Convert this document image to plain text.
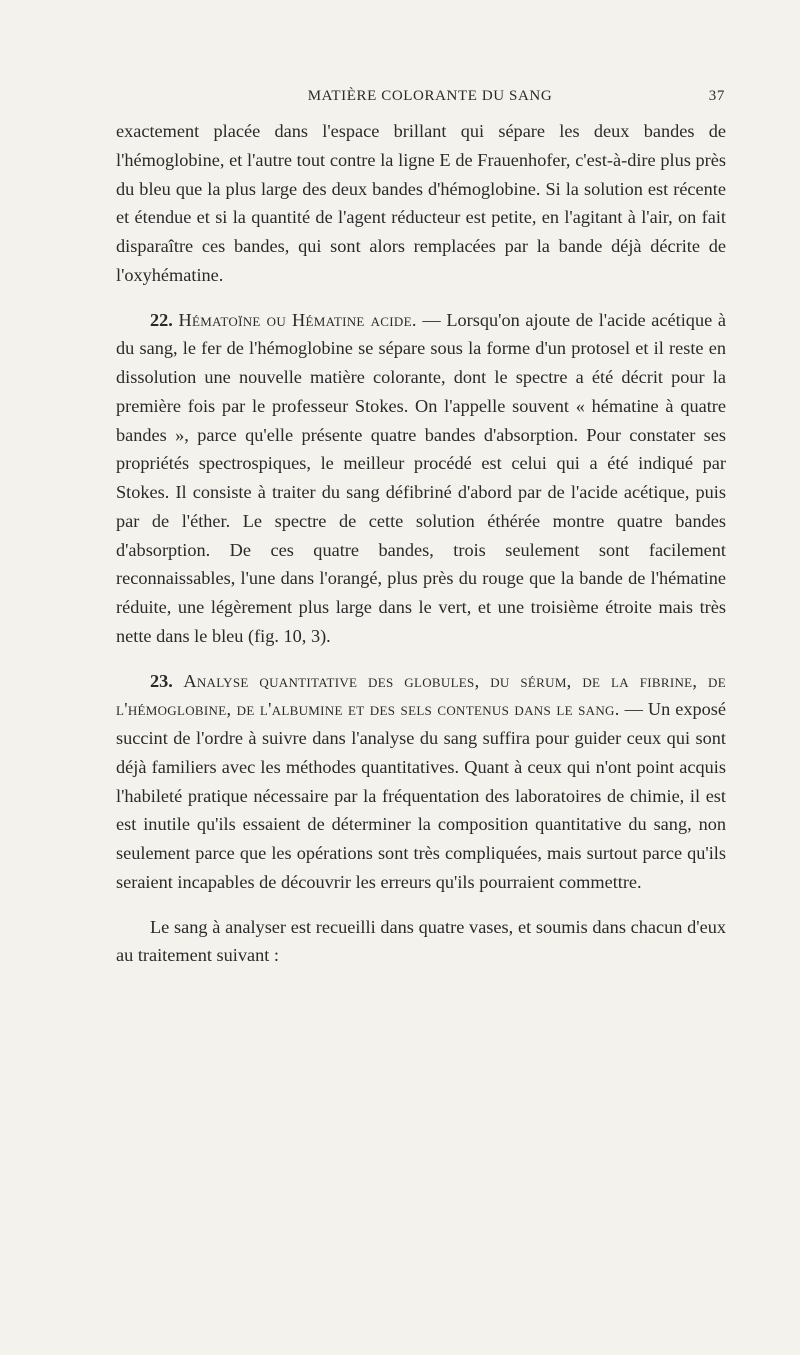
MATIÈRE COLORANTE DU SANG	37

exactement placée dans l'espace brillant qui sépare les deux bandes de l'hémoglobine, et l'autre tout contre la ligne E de Frauenhofer, c'est-à-dire plus près du bleu que la plus large des deux bandes d'hémoglobine. Si la solution est récente et étendue et si la quantité de l'agent réducteur est petite, en l'agitant à l'air, on fait disparaître ces bandes, qui sont alors remplacées par la bande déjà décrite de l'oxyhématine.

22. Hématoïne ou Hématine acide. — Lorsqu'on ajoute de l'acide acétique à du sang, le fer de l'hémoglobine se sépare sous la forme d'un protosel et il reste en dissolution une nouvelle matière colorante, dont le spectre a été décrit pour la première fois par le professeur Stokes. On l'appelle souvent « hématine à quatre bandes », parce qu'elle présente quatre bandes d'absorption. Pour constater ses propriétés spectrospiques, le meilleur procédé est celui qui a été indiqué par Stokes. Il consiste à traiter du sang défibriné d'abord par de l'acide acétique, puis par de l'éther. Le spectre de cette solution éthérée montre quatre bandes d'absorption. De ces quatre bandes, trois seulement sont facilement reconnaissables, l'une dans l'orangé, plus près du rouge que la bande de l'hématine réduite, une légèrement plus large dans le vert, et une troisième étroite mais très nette dans le bleu (fig. 10, 3).

23. Analyse quantitative des globules, du sérum, de la fibrine, de l'hémoglobine, de l'albumine et des sels contenus dans le sang. — Un exposé succint de l'ordre à suivre dans l'analyse du sang suffira pour guider ceux qui sont déjà familiers avec les méthodes quantitatives. Quant à ceux qui n'ont point acquis l'habileté pratique nécessaire par la fréquentation des laboratoires de chimie, il est est inutile qu'ils essaient de déterminer la composition quantitative du sang, non seulement parce que les opérations sont très compliquées, mais surtout parce qu'ils seraient incapables de découvrir les erreurs qu'ils pourraient commettre.

Le sang à analyser est recueilli dans quatre vases, et soumis dans chacun d'eux au traitement suivant :
